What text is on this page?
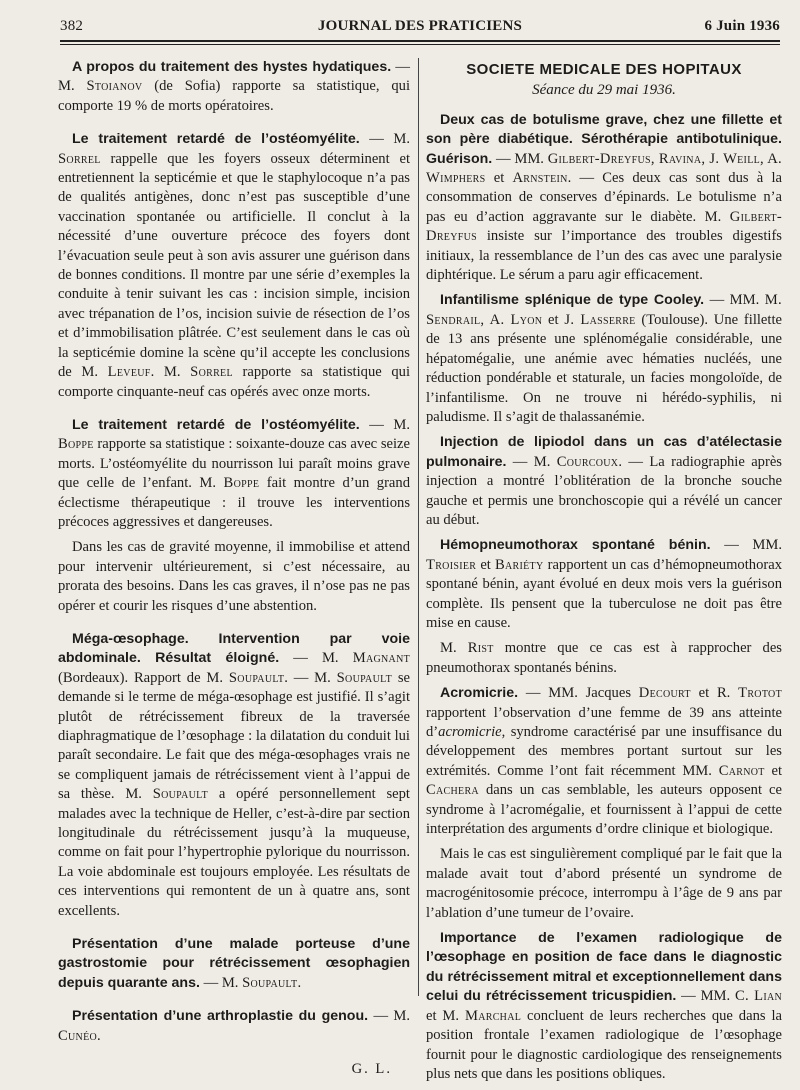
382	JOURNAL DES PRATICIENS	6 Juin 1936

A propos du traitement des hystes hydatiques. — M. Stoianov (de Sofia) rapporte sa statistique, qui comporte 19 % de morts opératoires.

Le traitement retardé de l’ostéomyélite. — M. Sorrel rappelle que les foyers osseux déterminent et entretiennent la septicémie et que le staphylocoque n’a pas de qualités antigènes, donc n’est pas susceptible d’une vaccination spontanée ou artificielle. Il conclut à la nécessité d’une ouverture précoce des foyers dont l’évacuation seule peut à son avis assurer une guérison dans de bonnes conditions. Il montre par une série d’exemples la conduite à tenir suivant les cas : incision simple, incision avec trépanation de l’os, incision suivie de résection de l’os et d’immobilisation plâtrée. C’est seulement dans le cas où la septicémie domine la scène qu’il accepte les conclusions de M. Leveuf. M. Sorrel rapporte sa statistique qui comporte cinquante-neuf cas opérés avec onze morts.

Le traitement retardé de l’ostéomyélite. — M. Boppe rapporte sa statistique : soixante-douze cas avec seize morts. L’ostéomyélite du nourrisson lui paraît moins grave que celle de l’enfant. M. Boppe fait montre d’un grand éclectisme thérapeutique : il trouve les interventions précoces aggressives et dangereuses.

Dans les cas de gravité moyenne, il immobilise et attend pour intervenir ultérieurement, si c’est nécessaire, au prorata des besoins. Dans les cas graves, il n’ose pas ne pas opérer et courir les risques d’une abstention.

Méga-œsophage. Intervention par voie abdominale. Résultat éloigné. — M. Magnant (Bordeaux). Rapport de M. Soupault. — M. Soupault se demande si le terme de méga-œsophage est justifié. Il s’agit plutôt de rétrécissement fibreux de la traversée diaphragmatique de l’œsophage : la dilatation du conduit lui paraît secondaire. Le fait que des méga-œsophages vrais ne se compliquent jamais de rétrécissement vient à l’appui de sa thèse. M. Soupault a opéré personnellement sept malades avec la technique de Heller, c’est-à-dire par section longitudinale du rétrécissement jusqu’à la muqueuse, comme on fait pour l’hypertrophie pylorique du nourrisson. La voie abdominale est toujours employée. Les résultats de ces interventions qui remontent de un à quatre ans, sont excellents.

Présentation d’une malade porteuse d’une gastrostomie pour rétrécissement œsophagien depuis quarante ans. — M. Soupault.

Présentation d’une arthroplastie du genou. — M. Cunéo.

G. L.
SOCIETE MEDICALE DES HOPITAUX
Séance du 29 mai 1936.

Deux cas de botulisme grave, chez une fillette et son père diabétique. Sérothérapie antibotulinique. Guérison. — MM. Gilbert-Dreyfus, Ravina, J. Weill, A. Wimphers et Arnstein. — Ces deux cas sont dus à la consommation de conserves d’épinards. Le botulisme n’a pas eu d’action aggravante sur le diabète. M. Gilbert-Dreyfus insiste sur l’importance des troubles digestifs initiaux, la ressemblance de l’un des cas avec une paralysie diphtérique. Le sérum a paru agir efficacement.

Infantilisme splénique de type Cooley. — MM. M. Sendrail, A. Lyon et J. Lasserre (Toulouse). Une fillette de 13 ans présente une splénomégalie considérable, une hépatomégalie, une anémie avec hématies nucléés, une réduction pondérable et staturale, un facies mongoloïde, de l’infantilisme. On ne trouve ni hérédo-syphilis, ni paludisme. Il s’agit de thalassanémie.

Injection de lipiodol dans un cas d’atélectasie pulmonaire. — M. Courcoux. — La radiographie après injection a montré l’oblitération de la bronche souche gauche et permis une bronchoscopie qui a révélé un cancer au début.

Hémopneumothorax spontané bénin. — MM. Troisier et Bariéty rapportent un cas d’hémopneumothorax spontané bénin, ayant évolué en deux mois vers la guérison complète. Ils pensent que la tuberculose ne doit pas être mise en cause.

M. Rist montre que ce cas est à rapprocher des pneumothorax spontanés bénins.

Acromicrie. — MM. Jacques Decourt et R. Trotot rapportent l’observation d’une femme de 39 ans atteinte d’acromicrie, syndrome caractérisé par une insuffisance du développement des membres portant surtout sur les extrémités. Comme l’ont fait récemment MM. Carnot et Cachera dans un cas semblable, les auteurs opposent ce syndrome à l’acromégalie, et fournissent à l’appui de cette interprétation des arguments d’ordre clinique et biologique.

Mais le cas est singulièrement compliqué par le fait que la malade avait tout d’abord présenté un syndrome de macrogénitosomie précoce, interrompu à l’âge de 9 ans par l’ablation d’une tumeur de l’ovaire.

Importance de l’examen radiologique de l’œsophage en position de face dans le diagnostic du rétrécissement mitral et exceptionnellement dans celui du rétrécissement tricuspidien. — MM. C. Lian et M. Marchal concluent de leurs recherches que dans la position frontale l’examen radiologique de l’œsophage fournit pour le diagnostic cardiologique des renseignements plus nets que dans les positions obliques.
